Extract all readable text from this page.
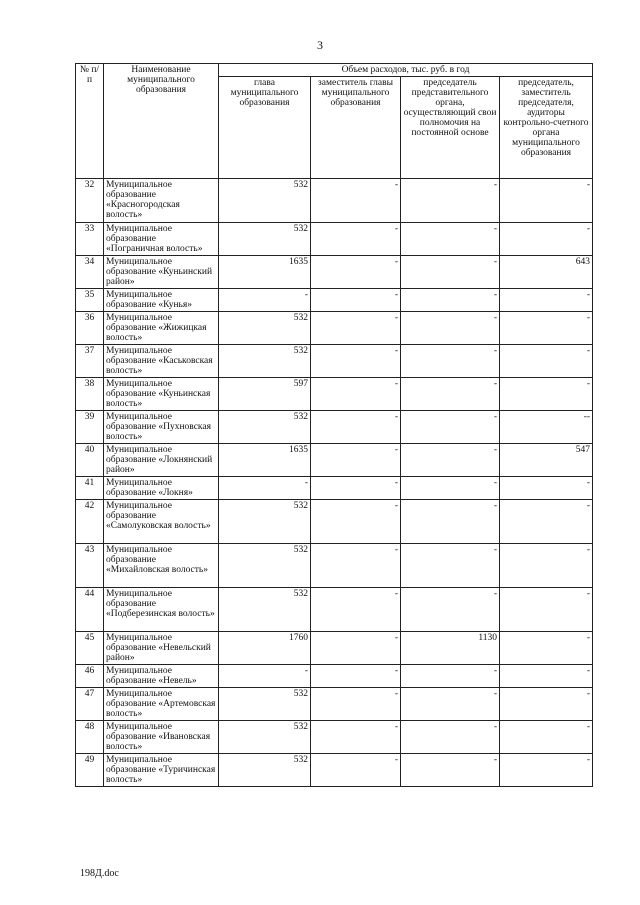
3
№ п/п	Наименование муниципального образования	Объем расходов, тыс. руб. в год			
		глава муниципального образования	заместитель главы муниципального образования	председатель представительного органа, осуществляющий свои полномочия на постоянной основе	председатель, заместитель председателя, аудиторы контрольно-счетного органа муниципального образования
32	Муниципальное образование «Красногородская волость»	532	-	-	-
33	Муниципальное образование «Пограничная волость»	532	-	-	-
34	Муниципальное образование «Куньинский район»	1635	-	-	643
35	Муниципальное образование «Кунья»	-	-	-	-
36	Муниципальное образование «Жижицкая волость»	532	-	-	-
37	Муниципальное образование «Каськовская волость»	532	-	-	-
38	Муниципальное образование «Куньинская волость»	597	-	-	-
39	Муниципальное образование «Пухновская волость»	532	-	-	--
40	Муниципальное образование «Локнянский район»	1635	-	-	547
41	Муниципальное образование «Локня»	-	-	-	-
42	Муниципальное образование «Самолуковская волость»	532	-	-	-
43	Муниципальное образование «Михайловская волость»	532	-	-	-
44	Муниципальное образование «Подберезинская волость»	532	-	-	-
45	Муниципальное образование «Невельский район»	1760	-	1130	-
46	Муниципальное образование «Невель»	-	-	-	-
47	Муниципальное образование «Артемовская волость»	532	-	-	-
48	Муниципальное образование «Ивановская волость»	532	-	-	-
49	Муниципальное образование «Туричинская волость»	532	-	-	-
198Д.doc
